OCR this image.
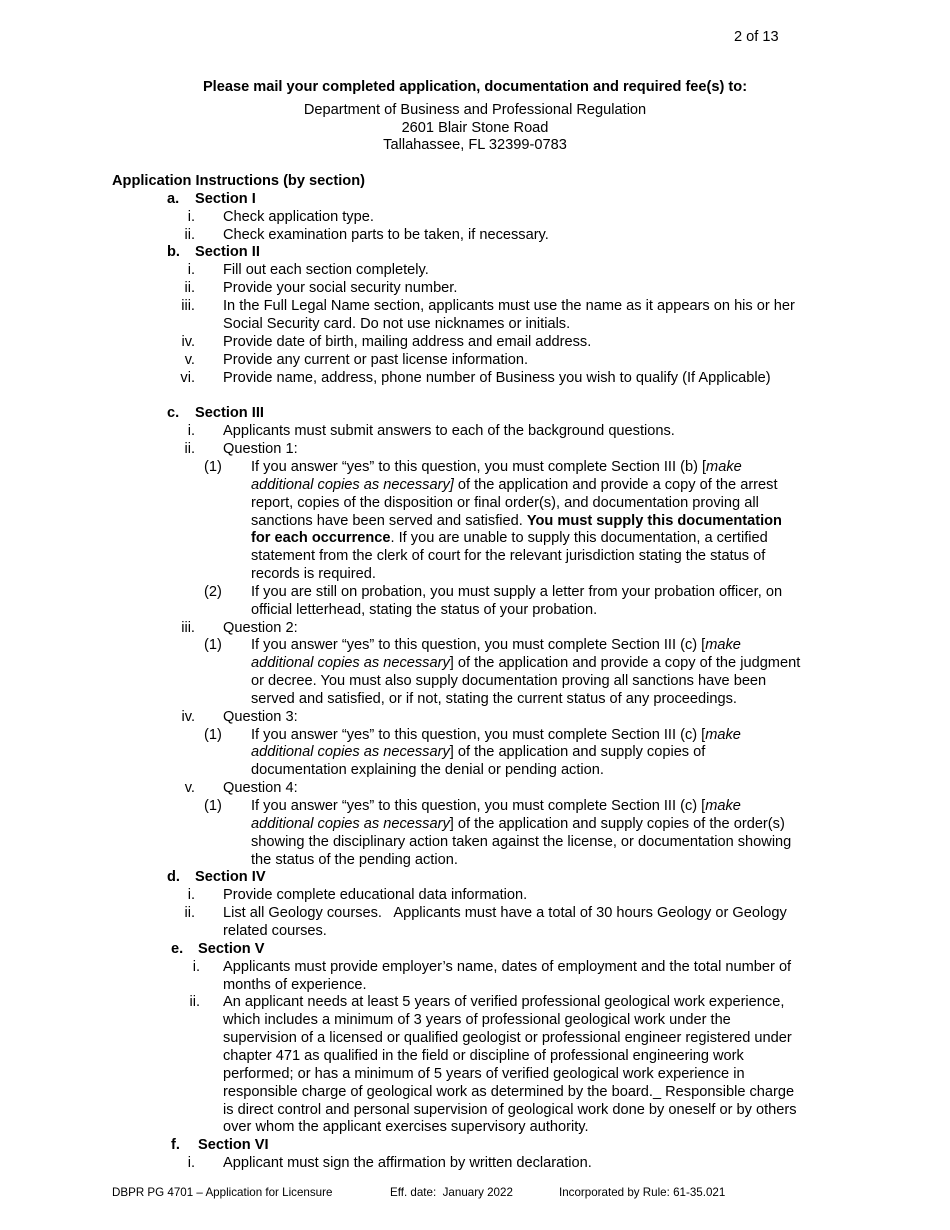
2 of 13
Please mail your completed application, documentation and required fee(s) to:
Department of Business and Professional Regulation
2601 Blair Stone Road
Tallahassee, FL 32399-0783
Application Instructions (by section)
a. Section I
i. Check application type.
ii. Check examination parts to be taken, if necessary.
b. Section II
i. Fill out each section completely.
ii. Provide your social security number.
iii. In the Full Legal Name section, applicants must use the name as it appears on his or her
Social Security card. Do not use nicknames or initials.
iv. Provide date of birth, mailing address and email address.
v. Provide any current or past license information.
vi. Provide name, address, phone number of Business you wish to qualify (If Applicable)
c. Section III
i. Applicants must submit answers to each of the background questions.
ii. Question 1:
(1) If you answer “yes” to this question, you must complete Section III (b) [make
additional copies as necessary] of the application and provide a copy of the arrest
report, copies of the disposition or final order(s), and documentation proving all
sanctions have been served and satisfied. You must supply this documentation
for each occurrence. If you are unable to supply this documentation, a certified
statement from the clerk of court for the relevant jurisdiction stating the status of
records is required.
(2) If you are still on probation, you must supply a letter from your probation officer, on
official letterhead, stating the status of your probation.
iii. Question 2:
(1) If you answer “yes” to this question, you must complete Section III (c) [make
additional copies as necessary] of the application and provide a copy of the judgment
or decree. You must also supply documentation proving all sanctions have been
served and satisfied, or if not, stating the current status of any proceedings.
iv. Question 3:
(1) If you answer “yes” to this question, you must complete Section III (c) [make
additional copies as necessary] of the application and supply copies of
documentation explaining the denial or pending action.
v. Question 4:
(1) If you answer “yes” to this question, you must complete Section III (c) [make
additional copies as necessary] of the application and supply copies of the order(s)
showing the disciplinary action taken against the license, or documentation showing
the status of the pending action.
d. Section IV
i. Provide complete educational data information.
ii. List all Geology courses.   Applicants must have a total of 30 hours Geology or Geology
related courses.
e. Section V
i. Applicants must provide employer’s name, dates of employment and the total number of
months of experience.
ii. An applicant needs at least 5 years of verified professional geological work experience,
which includes a minimum of 3 years of professional geological work under the
supervision of a licensed or qualified geologist or professional engineer registered under
chapter 471 as qualified in the field or discipline of professional engineering work
performed; or has a minimum of 5 years of verified geological work experience in
responsible charge of geological work as determined by the board._ Responsible charge
is direct control and personal supervision of geological work done by oneself or by others
over whom the applicant exercises supervisory authority.
f. Section VI
i. Applicant must sign the affirmation by written declaration.
DBPR PG 4701 – Application for Licensure	Eff. date:  January 2022	Incorporated by Rule: 61-35.021
